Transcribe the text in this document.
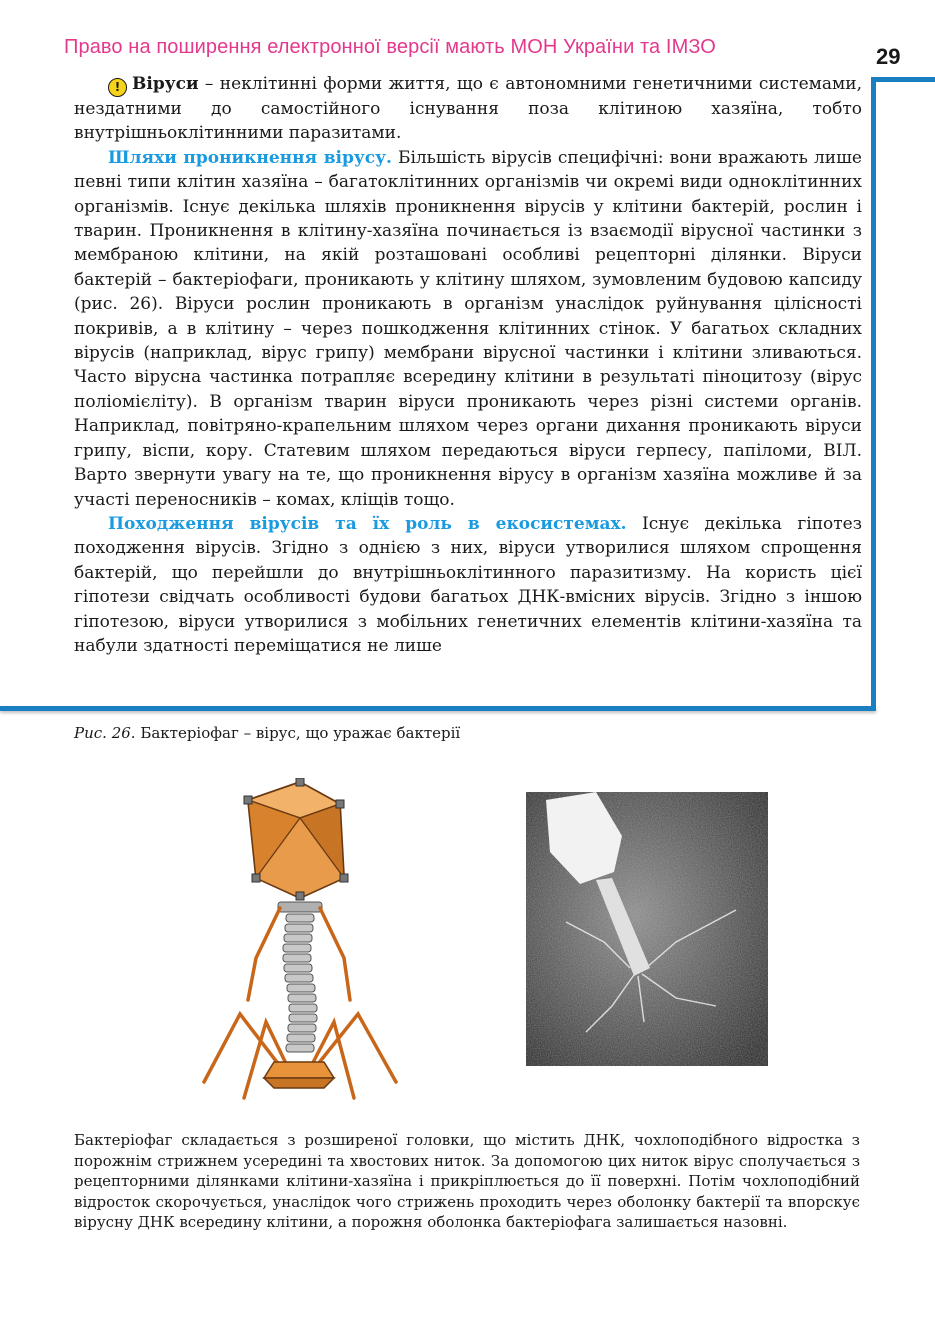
Право на поширення електронної версії мають МОН України та ІМЗО	29

! Віруси – неклітинні форми життя, що є автономними генетичними системами, нездатними до самостійного існування поза клітиною хазяїна, тобто внутрішньоклітинними паразитами.

Шляхи проникнення вірусу. Більшість вірусів специфічні: вони вражають лише певні типи клітин хазяїна – багатоклітинних організмів чи окремі види одноклітинних організмів. Існує декілька шляхів проникнення вірусів у клітини бактерій, рослин і тварин. Проникнення в клітину-хазяїна починається із взаємодії вірусної частинки з мембраною клітини, на якій розташовані особливі рецепторні ділянки. Віруси бактерій – бактеріофаги, проникають у клітину шляхом, зумовленим будовою капсиду (рис. 26). Віруси рослин проникають в організм унаслідок руйнування цілісності покривів, а в клітину – через пошкодження клітинних стінок. У багатьох складних вірусів (наприклад, вірус грипу) мембрани вірусної частинки і клітини зливаються. Часто вірусна частинка потрапляє всередину клітини в результаті піноцитозу (вірус поліомієліту). В організм тварин віруси проникають через різні системи органів. Наприклад, повітряно-крапельним шляхом через органи дихання проникають віруси грипу, віспи, кору. Статевим шляхом передаються віруси герпесу, папіломи, ВІЛ. Варто звернути увагу на те, що проникнення вірусу в організм хазяїна можливе й за участі переносників – комах, кліщів тощо.

Походження вірусів та їх роль в екосистемах. Існує декілька гіпотез походження вірусів. Згідно з однією з них, віруси утворилися шляхом спрощення бактерій, що перейшли до внутрішньоклітинного паразитизму. На користь цієї гіпотези свідчать особливості будови багатьох ДНК-вмісних вірусів. Згідно з іншою гіпотезою, віруси утворилися з мобільних генетичних елементів клітини-хазяїна та набули здатності переміщатися не лише

Рис. 26. Бактеріофаг – вірус, що уражає бактерії

Бактеріофаг складається з розширеної головки, що містить ДНК, чохлоподібного відростка з порожнім стрижнем усередині та хвостових ниток. За допомогою цих ниток вірус сполучається з рецепторними ділянками клітини-хазяїна і прикріплюється до її поверхні. Потім чохлоподібний відросток скорочується, унаслідок чого стрижень проходить через оболонку бактерії та впорскує вірусну ДНК всередину клітини, а порожня оболонка бактеріофага залишається назовні.
